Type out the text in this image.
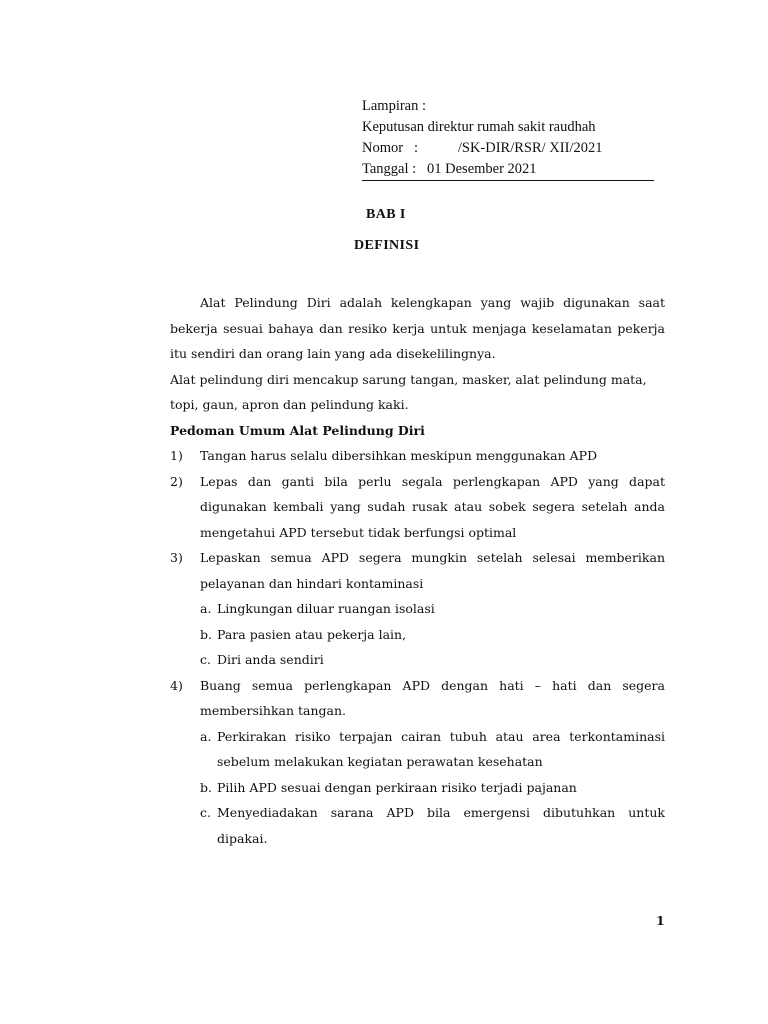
Lampiran :
Keputusan direktur rumah sakit raudhah
Nomor   :           /SK-DIR/RSR/ XII/2021
Tanggal :   01 Desember 2021
BAB I
DEFINISI

Alat Pelindung Diri adalah kelengkapan yang wajib digunakan saat bekerja sesuai bahaya dan resiko kerja untuk menjaga keselamatan pekerja itu sendiri dan orang lain yang ada disekelilingnya.

Alat pelindung diri mencakup sarung tangan, masker, alat pelindung mata, topi, gaun, apron dan pelindung kaki.

Pedoman Umum Alat Pelindung Diri

1)	Tangan harus selalu dibersihkan meskipun menggunakan APD
2)	Lepas dan ganti bila perlu segala perlengkapan APD yang dapat digunakan kembali yang sudah rusak atau sobek segera setelah anda mengetahui APD tersebut tidak berfungsi optimal
3)	Lepaskan semua APD segera mungkin setelah selesai memberikan pelayanan dan hindari kontaminasi
a. Lingkungan diluar ruangan isolasi
b. Para pasien atau pekerja lain,
c. Diri anda sendiri
4)	Buang semua perlengkapan APD dengan hati – hati dan segera membersihkan tangan.
a. Perkirakan risiko terpajan cairan tubuh atau area terkontaminasi sebelum melakukan kegiatan perawatan kesehatan
b. Pilih APD sesuai dengan perkiraan risiko terjadi pajanan
c. Menyediadakan sarana APD bila emergensi dibutuhkan untuk dipakai.
1
